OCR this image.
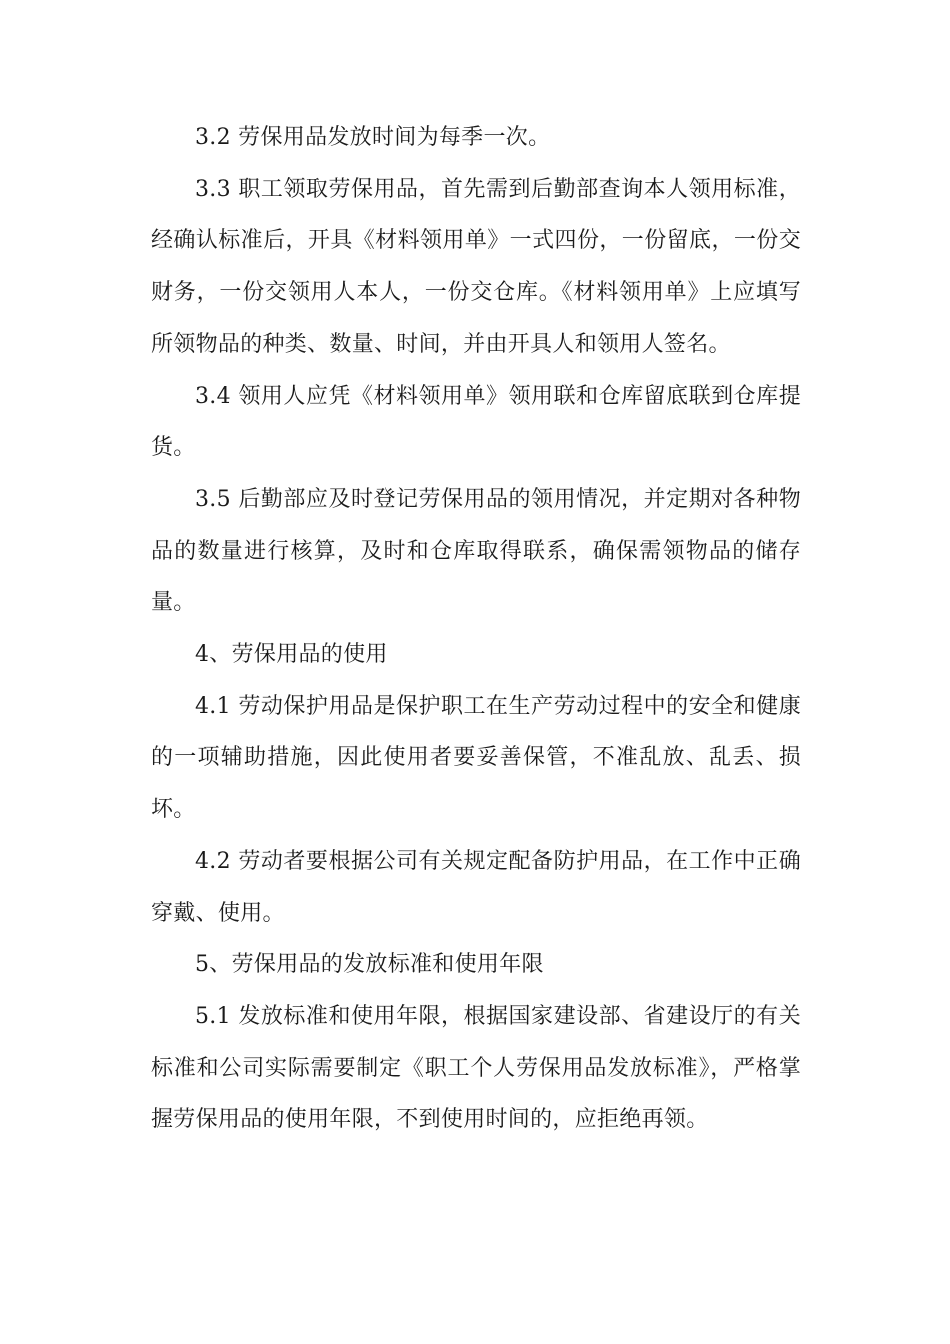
3.2 劳保用品发放时间为每季一次。

3.3 职工领取劳保用品，首先需到后勤部查询本人领用标准，经确认标准后，开具《材料领用单》一式四份，一份留底，一份交财务，一份交领用人本人，一份交仓库。《材料领用单》上应填写所领物品的种类、数量、时间，并由开具人和领用人签名。

3.4 领用人应凭《材料领用单》领用联和仓库留底联到仓库提货。

3.5 后勤部应及时登记劳保用品的领用情况，并定期对各种物品的数量进行核算，及时和仓库取得联系，确保需领物品的储存量。

4、劳保用品的使用

4.1 劳动保护用品是保护职工在生产劳动过程中的安全和健康的一项辅助措施，因此使用者要妥善保管，不准乱放、乱丢、损坏。

4.2 劳动者要根据公司有关规定配备防护用品，在工作中正确穿戴、使用。

5、劳保用品的发放标准和使用年限

5.1 发放标准和使用年限，根据国家建设部、省建设厅的有关标准和公司实际需要制定《职工个人劳保用品发放标准》，严格掌握劳保用品的使用年限，不到使用时间的，应拒绝再领。
